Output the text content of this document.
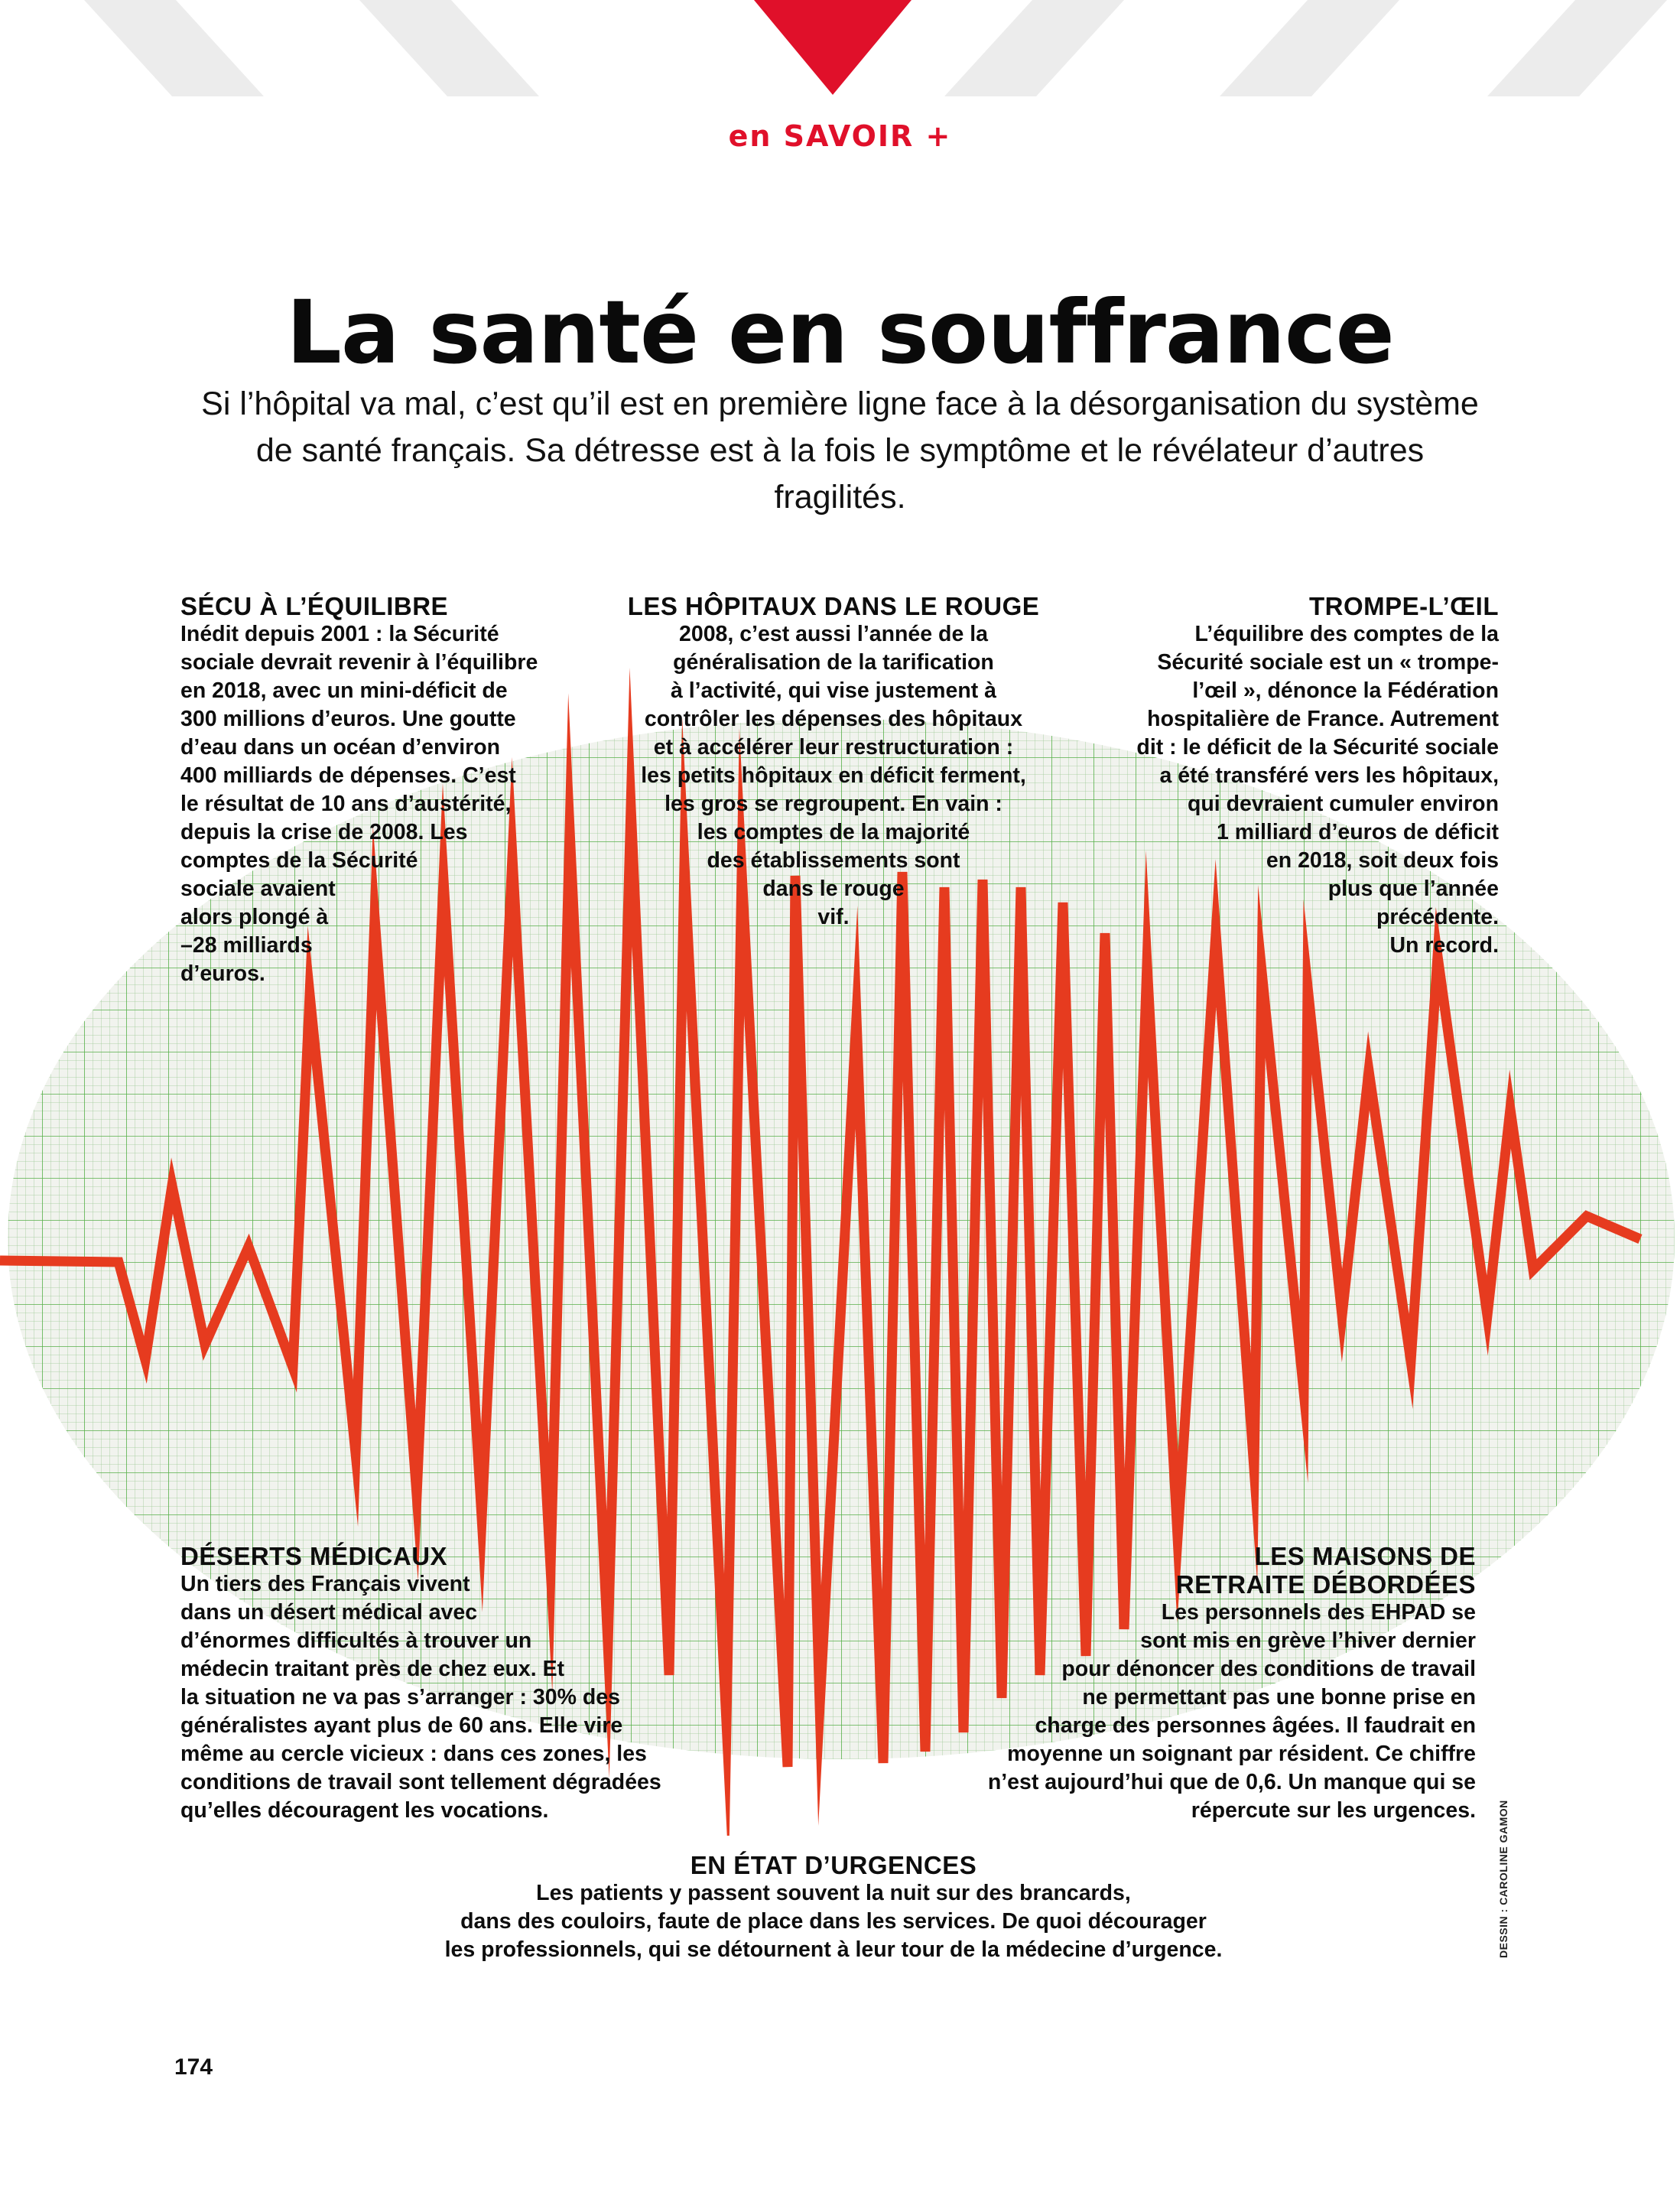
en SAVOIR +
La santé en souffrance
Si l’hôpital va mal, c’est qu’il est en première ligne face à la désorganisation du système de santé français. Sa détresse est à la fois le symptôme et le révélateur d’autres fragilités.
SÉCU À L’ÉQUILIBRE

Inédit depuis 2001 : la Sécurité

sociale devrait revenir à l’équilibre

en 2018, avec un mini-déficit de

300 millions d’euros. Une goutte

d’eau dans un océan d’environ

400 milliards de dépenses. C’est

le résultat de 10 ans d’austérité,

depuis la crise de 2008. Les

comptes de la Sécurité

sociale avaient

alors plongé à

–28 milliards

d’euros.

LES HÔPITAUX DANS LE ROUGE

2008, c’est aussi l’année de la

généralisation de la tarification

à l’activité, qui vise justement à

contrôler les dépenses des hôpitaux

et à accélérer leur restructuration :

les petits hôpitaux en déficit ferment,

les gros se regroupent. En vain :

les comptes de la majorité

des établissements sont

dans le rouge

vif.

TROMPE-L’ŒIL

L’équilibre des comptes de la

Sécurité sociale est un « trompe-

l’œil », dénonce la Fédération

hospitalière de France. Autrement

dit : le déficit de la Sécurité sociale

a été transféré vers les hôpitaux,

qui devraient cumuler environ

1 milliard d’euros de déficit

en 2018, soit deux fois

plus que l’année

précédente.

Un record.

DÉSERTS MÉDICAUX

Un tiers des Français vivent

dans un désert médical avec

d’énormes difficultés à trouver un

médecin traitant près de chez eux. Et

la situation ne va pas s’arranger : 30% des

généralistes ayant plus de 60 ans. Elle vire

même au cercle vicieux : dans ces zones, les

conditions de travail sont tellement dégradées

qu’elles découragent les vocations.

LES MAISONS DE
RETRAITE DÉBORDÉES

Les personnels des EHPAD se

sont mis en grève l’hiver dernier

pour dénoncer des conditions de travail

ne permettant pas une bonne prise en

charge des personnes âgées. Il faudrait en

moyenne un soignant par résident. Ce chiffre

n’est aujourd’hui que de 0,6. Un manque qui se

répercute sur les urgences.

EN ÉTAT D’URGENCES

Les patients y passent souvent la nuit sur des brancards,

dans des couloirs, faute de place dans les services. De quoi décourager

les professionnels, qui se détournent à leur tour de la médecine d’urgence.	DESSIN : CAROLINE GAMON
174
